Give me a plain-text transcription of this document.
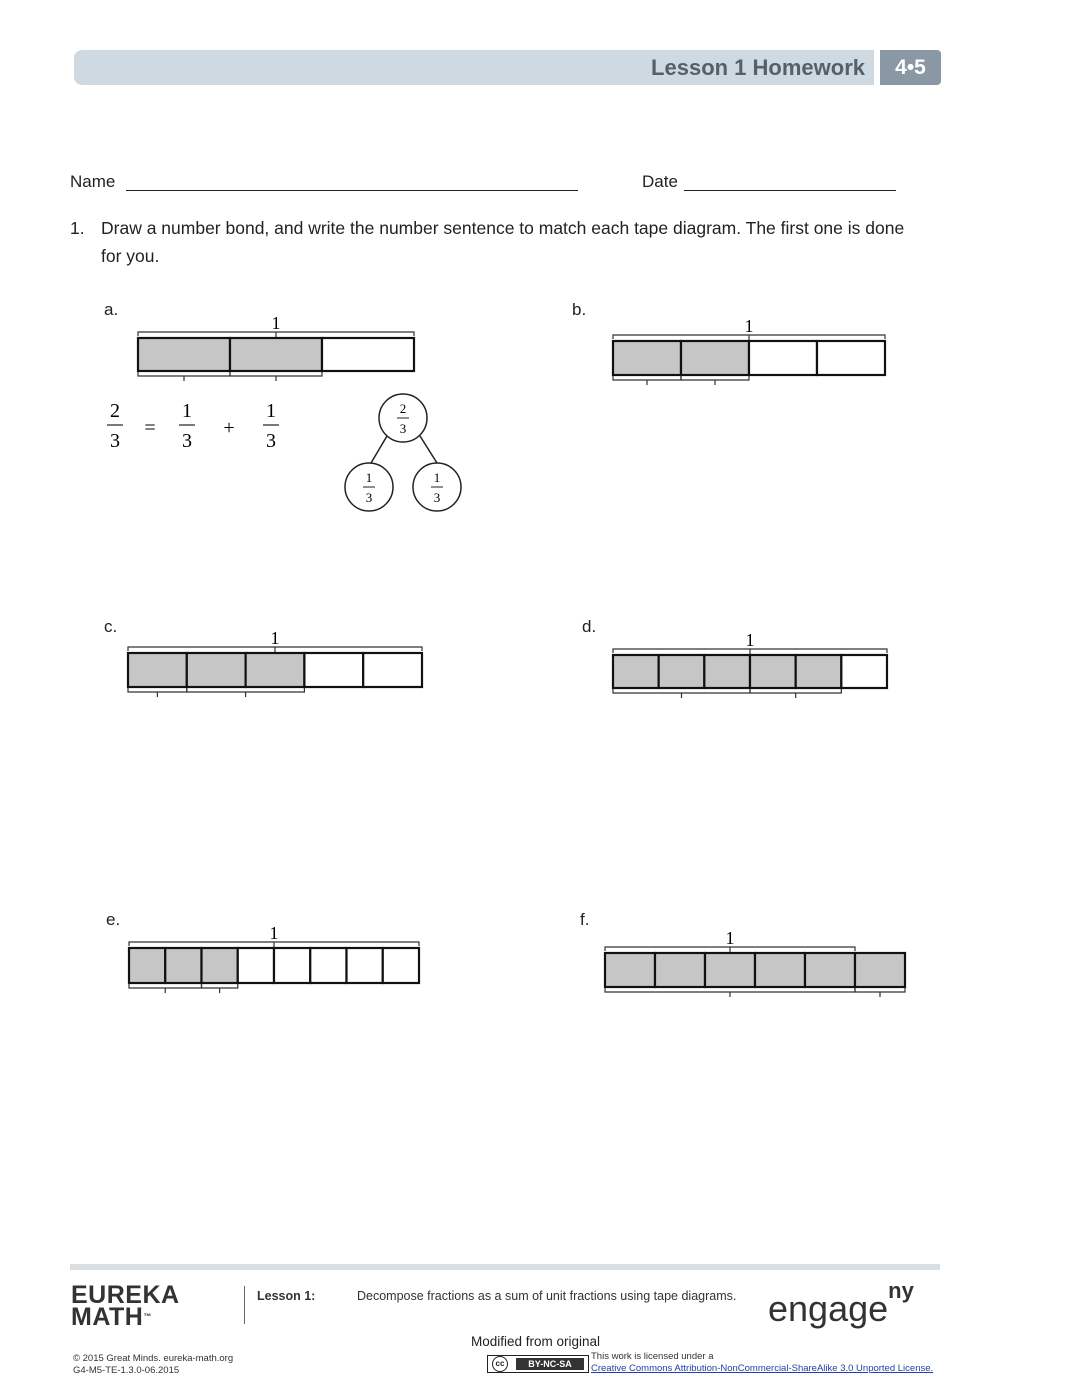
Lesson 1 Homework	4•5
Name	Date
1. Draw a number bond, and write the number sentence to match each tape diagram. The first one is done
for you.
a.	b.
c.	d.
e.	f.
1	1
1	1
1	1
2
3
=
1
3
+
1
3
2
3
1
3
1
3
EUREKA
MATH™
Lesson 1:	Decompose fractions as a sum of unit fractions using tape diagrams. engage$^{ny}$
© 2015 Great Minds. eureka-math.org
G4-M5-TE-1.3.0-06.2015
Modified from original
cc	BY-NC-SA
This work is licensed under a
Creative Commons Attribution-NonCommercial-ShareAlike 3.0 Unported License.
